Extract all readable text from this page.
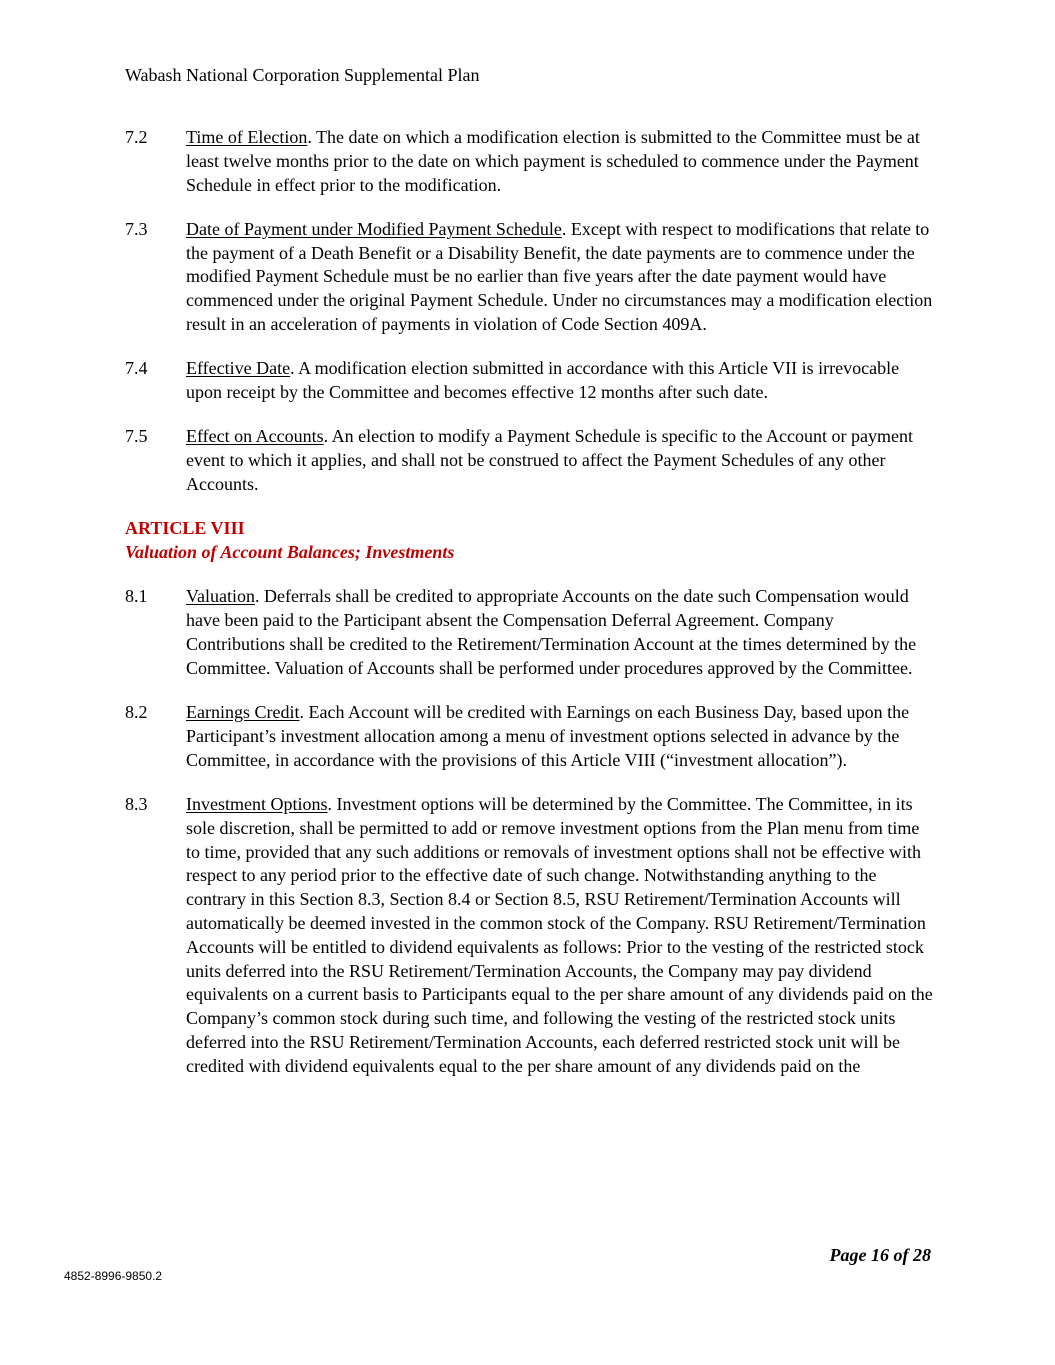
Wabash National Corporation Supplemental Plan
7.2	Time of Election. The date on which a modification election is submitted to the Committee must be at least twelve months prior to the date on which payment is scheduled to commence under the Payment Schedule in effect prior to the modification.
7.3	Date of Payment under Modified Payment Schedule. Except with respect to modifications that relate to the payment of a Death Benefit or a Disability Benefit, the date payments are to commence under the modified Payment Schedule must be no earlier than five years after the date payment would have commenced under the original Payment Schedule. Under no circumstances may a modification election result in an acceleration of payments in violation of Code Section 409A.
7.4	Effective Date. A modification election submitted in accordance with this Article VII is irrevocable upon receipt by the Committee and becomes effective 12 months after such date.
7.5	Effect on Accounts. An election to modify a Payment Schedule is specific to the Account or payment event to which it applies, and shall not be construed to affect the Payment Schedules of any other Accounts.
ARTICLE VIII
Valuation of Account Balances; Investments
8.1	Valuation. Deferrals shall be credited to appropriate Accounts on the date such Compensation would have been paid to the Participant absent the Compensation Deferral Agreement. Company Contributions shall be credited to the Retirement/Termination Account at the times determined by the Committee. Valuation of Accounts shall be performed under procedures approved by the Committee.
8.2	Earnings Credit. Each Account will be credited with Earnings on each Business Day, based upon the Participant’s investment allocation among a menu of investment options selected in advance by the Committee, in accordance with the provisions of this Article VIII (“investment allocation”).
8.3	Investment Options. Investment options will be determined by the Committee. The Committee, in its sole discretion, shall be permitted to add or remove investment options from the Plan menu from time to time, provided that any such additions or removals of investment options shall not be effective with respect to any period prior to the effective date of such change. Notwithstanding anything to the contrary in this Section 8.3, Section 8.4 or Section 8.5, RSU Retirement/Termination Accounts will automatically be deemed invested in the common stock of the Company. RSU Retirement/Termination Accounts will be entitled to dividend equivalents as follows: Prior to the vesting of the restricted stock units deferred into the RSU Retirement/Termination Accounts, the Company may pay dividend equivalents on a current basis to Participants equal to the per share amount of any dividends paid on the Company’s common stock during such time, and following the vesting of the restricted stock units deferred into the RSU Retirement/Termination Accounts, each deferred restricted stock unit will be credited with dividend equivalents equal to the per share amount of any dividends paid on the
Page 16 of 28
4852-8996-9850.2
